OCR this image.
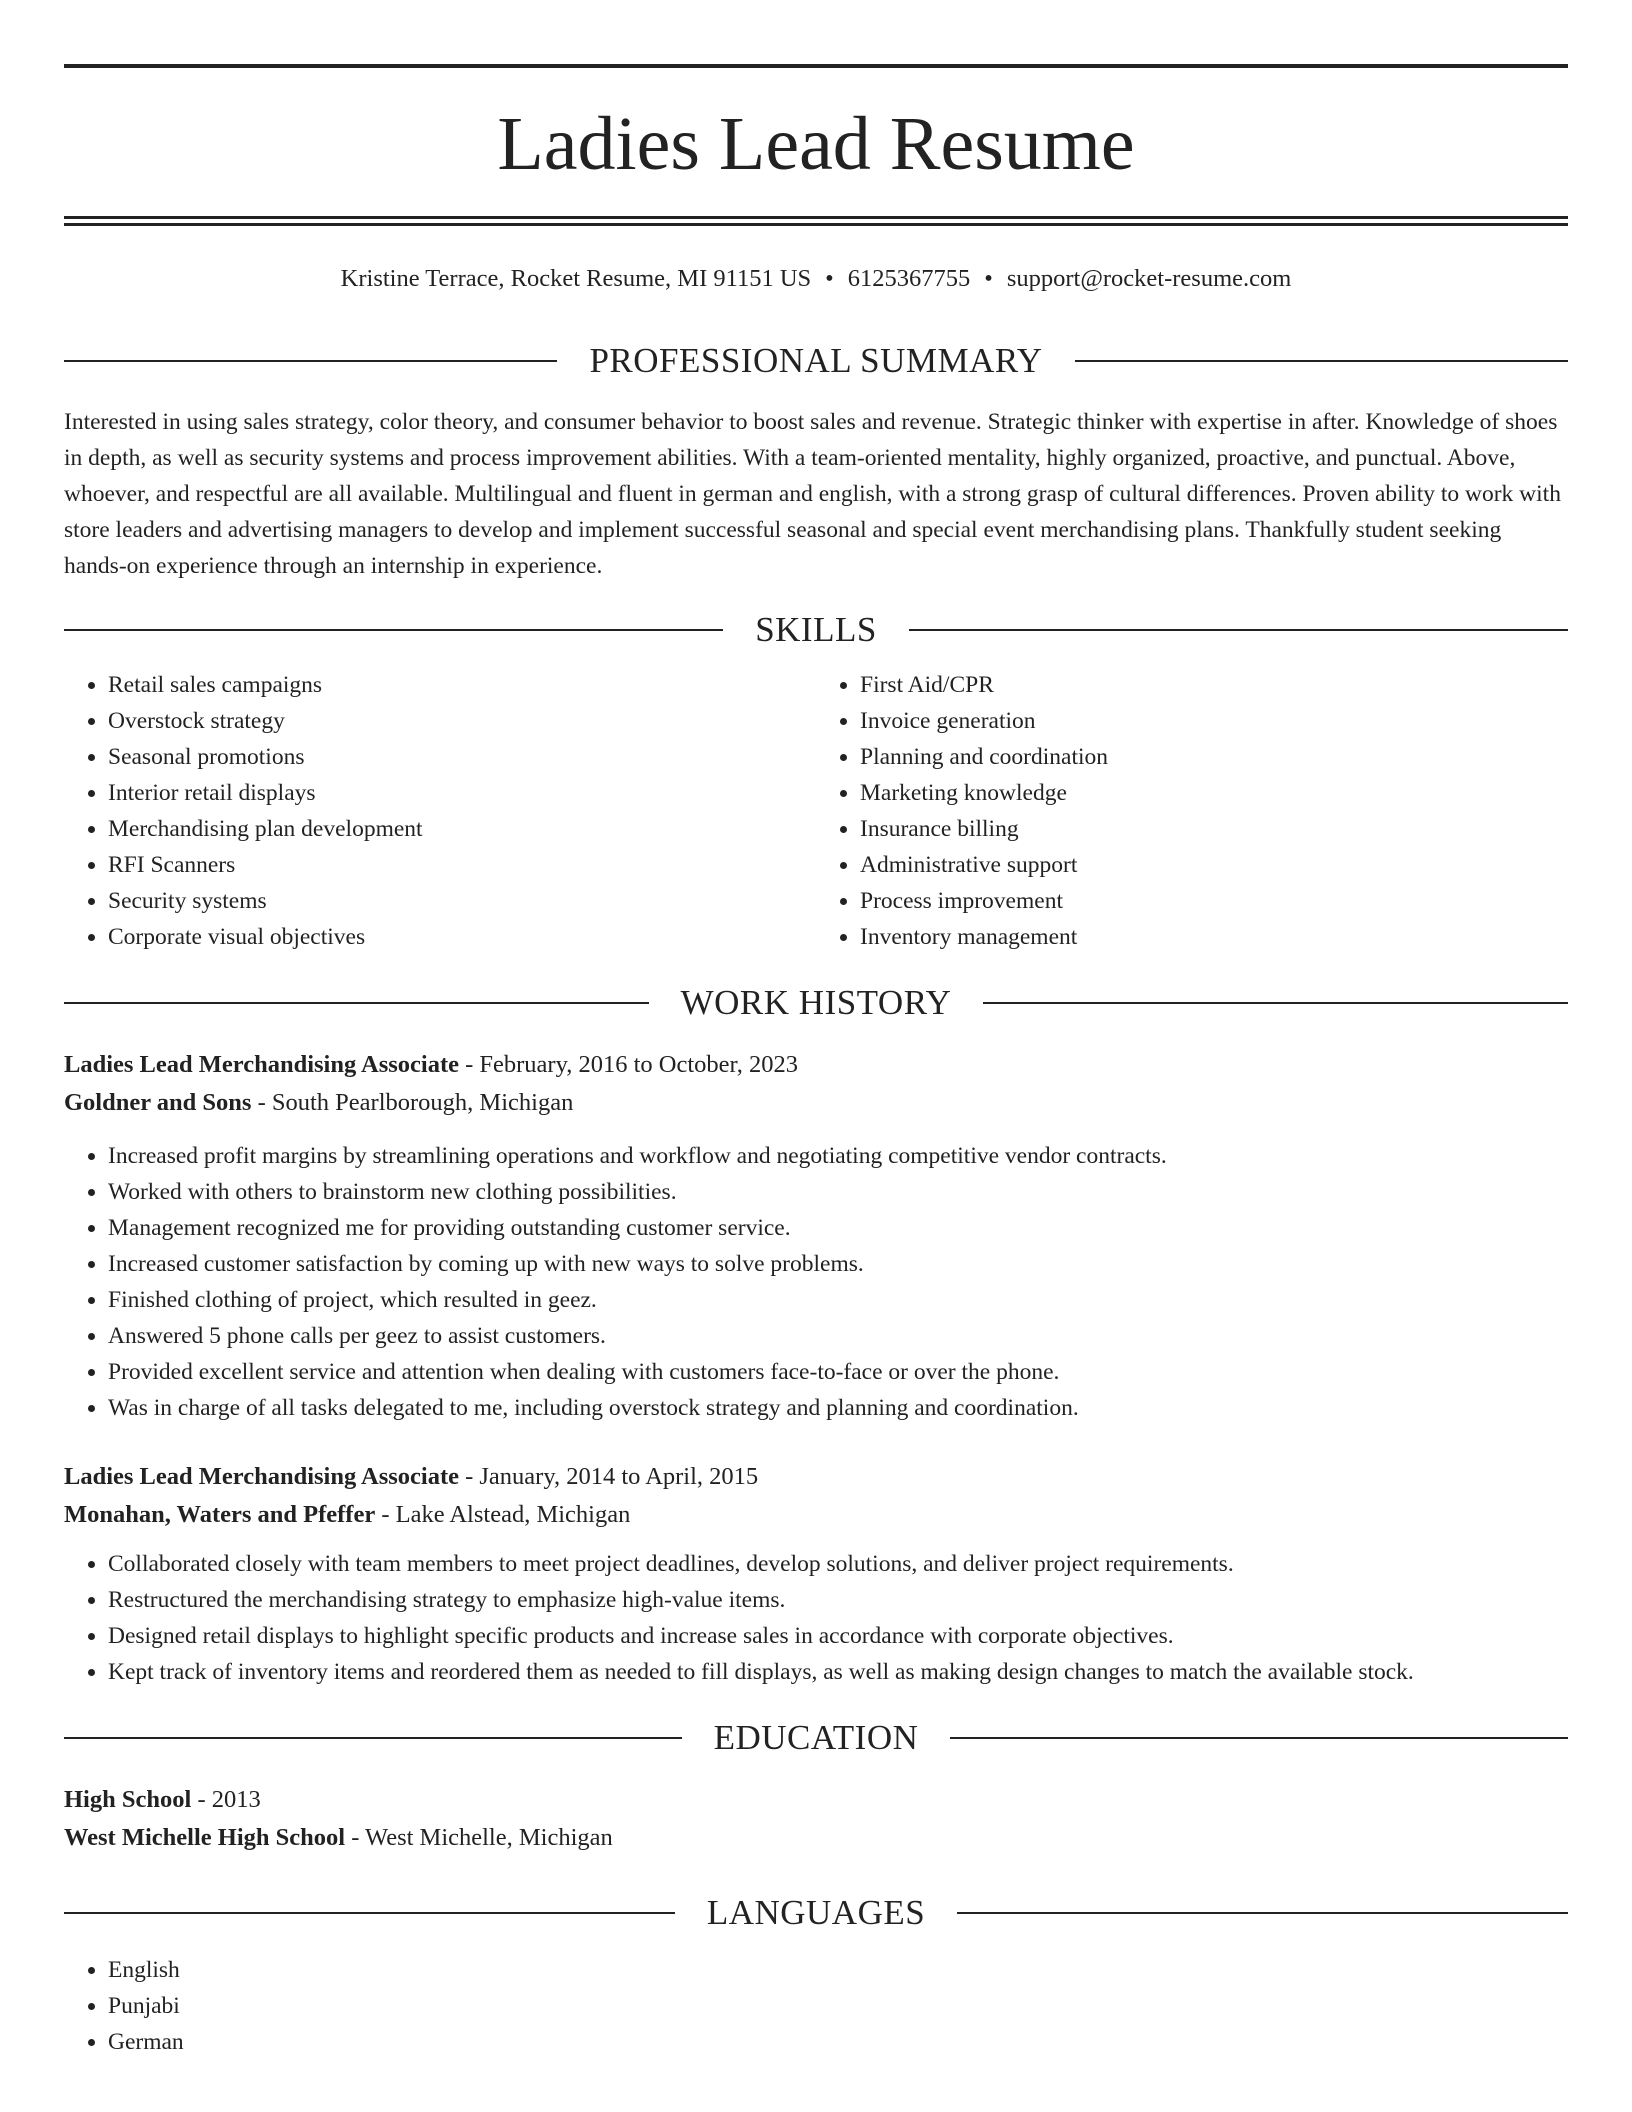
Ladies Lead Resume
Kristine Terrace, Rocket Resume, MI 91151 US • 6125367755 • support@rocket-resume.com
PROFESSIONAL SUMMARY

Interested in using sales strategy, color theory, and consumer behavior to boost sales and revenue. Strategic thinker with expertise in after. Knowledge of shoes in depth, as well as security systems and process improvement abilities. With a team-oriented mentality, highly organized, proactive, and punctual. Above, whoever, and respectful are all available. Multilingual and fluent in german and english, with a strong grasp of cultural differences. Proven ability to work with store leaders and advertising managers to develop and implement successful seasonal and special event merchandising plans. Thankfully student seeking hands-on experience through an internship in experience.

SKILLS
• Retail sales campaigns
• Overstock strategy
• Seasonal promotions
• Interior retail displays
• Merchandising plan development
• RFI Scanners
• Security systems
• Corporate visual objectives
• First Aid/CPR
• Invoice generation
• Planning and coordination
• Marketing knowledge
• Insurance billing
• Administrative support
• Process improvement
• Inventory management
WORK HISTORY
Ladies Lead Merchandising Associate - February, 2016 to October, 2023
Goldner and Sons - South Pearlborough, Michigan
• Increased profit margins by streamlining operations and workflow and negotiating competitive vendor contracts.
• Worked with others to brainstorm new clothing possibilities.
• Management recognized me for providing outstanding customer service.
• Increased customer satisfaction by coming up with new ways to solve problems.
• Finished clothing of project, which resulted in geez.
• Answered 5 phone calls per geez to assist customers.
• Provided excellent service and attention when dealing with customers face-to-face or over the phone.
• Was in charge of all tasks delegated to me, including overstock strategy and planning and coordination.
Ladies Lead Merchandising Associate - January, 2014 to April, 2015
Monahan, Waters and Pfeffer - Lake Alstead, Michigan
• Collaborated closely with team members to meet project deadlines, develop solutions, and deliver project requirements.
• Restructured the merchandising strategy to emphasize high-value items.
• Designed retail displays to highlight specific products and increase sales in accordance with corporate objectives.
• Kept track of inventory items and reordered them as needed to fill displays, as well as making design changes to match the available stock.
EDUCATION
High School - 2013
West Michelle High School - West Michelle, Michigan
LANGUAGES
• English
• Punjabi
• German
